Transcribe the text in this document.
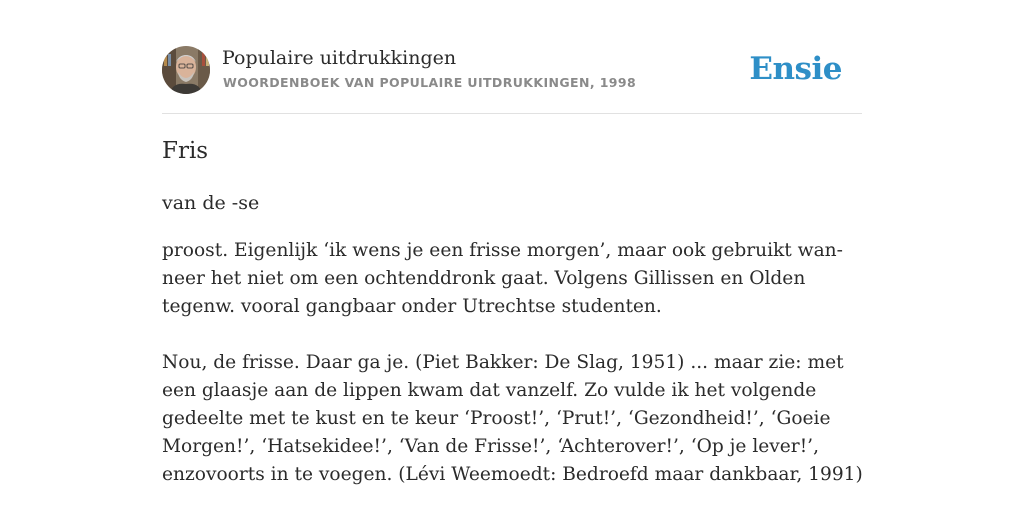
Populaire uitdrukkingen
WOORDENBOEK VAN POPULAIRE UITDRUKKINGEN, 1998	Ensie
Fris
van de -se

proost. Eigenlijk ‘ik wens je een frisse morgen’, maar ook gebruikt wan-neer het niet om een ochtenddronk gaat. Volgens Gillissen en Olden tegenw. vooral gangbaar onder Utrechtse studenten.

Nou, de frisse. Daar ga je. (Piet Bakker: De Slag, 1951) ... maar zie: met een glaasje aan de lippen kwam dat vanzelf. Zo vulde ik het volgende gedeelte met te kust en te keur ‘Proost!’, ‘Prut!’, ‘Gezondheid!’, ‘Goeie Morgen!’, ‘Hatsekidee!’, ‘Van de Frisse!’, ‘Achterover!’, ‘Op je lever!’, enzovoorts in te voegen. (Lévi Weemoedt: Bedroefd maar dankbaar, 1991)
